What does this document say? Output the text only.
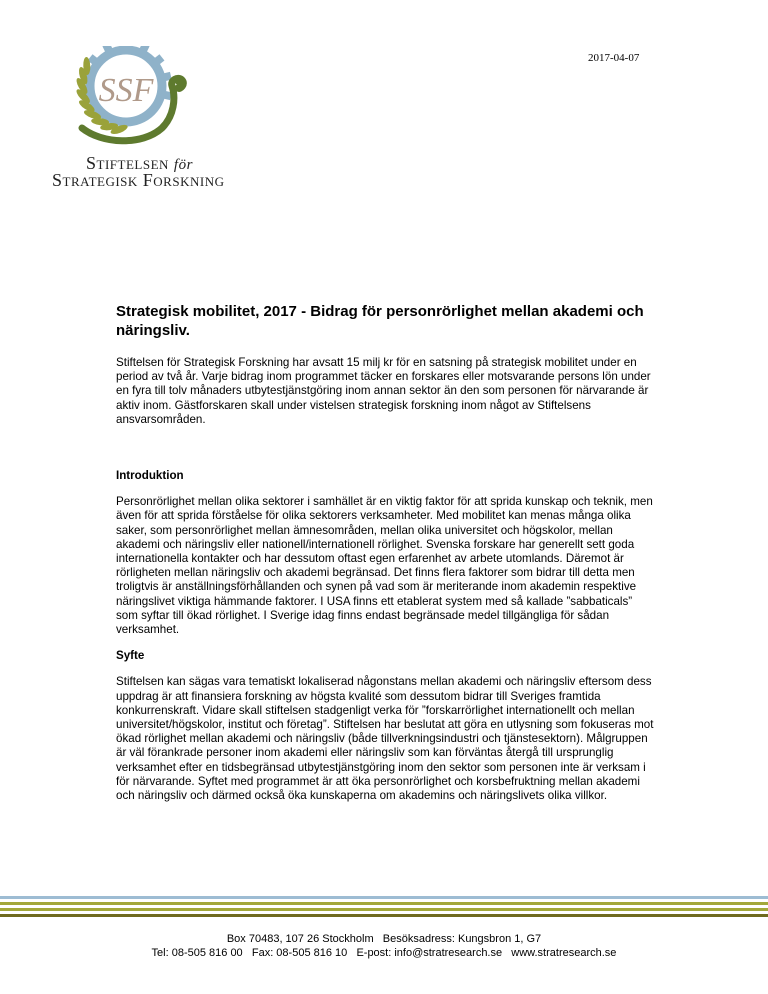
2017-04-07
SSF
Stiftelsen för
Strategisk Forskning
Strategisk mobilitet, 2017 - Bidrag för personrörlighet mellan akademi och näringsliv.

Stiftelsen för Strategisk Forskning har avsatt 15 milj kr för en satsning på strategisk mobilitet under en period av två år. Varje bidrag inom programmet täcker en forskares eller motsvarande persons lön under en fyra till tolv månaders utbytestjänstgöring inom annan sektor än den som personen för närvarande är aktiv inom. Gästforskaren skall under vistelsen strategisk forskning inom något av Stiftelsens ansvarsområden.

Introduktion

Personrörlighet mellan olika sektorer i samhället är en viktig faktor för att sprida kunskap och teknik, men även för att sprida förståelse för olika sektorers verksamheter. Med mobilitet kan menas många olika saker, som personrörlighet mellan ämnesområden, mellan olika universitet och högskolor, mellan akademi och näringsliv eller nationell/internationell rörlighet. Svenska forskare har generellt sett goda internationella kontakter och har dessutom oftast egen erfarenhet av arbete utomlands. Däremot är rörligheten mellan näringsliv och akademi begränsad. Det finns flera faktorer som bidrar till detta men troligtvis är anställningsförhållanden och synen på vad som är meriterande inom akademin respektive näringslivet viktiga hämmande faktorer. I USA finns ett etablerat system med så kallade ”sabbaticals” som syftar till ökad rörlighet. I Sverige idag finns endast begränsade medel tillgängliga för sådan verksamhet.

Syfte

Stiftelsen kan sägas vara tematiskt lokaliserad någonstans mellan akademi och näringsliv eftersom dess uppdrag är att finansiera forskning av högsta kvalité som dessutom bidrar till Sveriges framtida konkurrenskraft. Vidare skall stiftelsen stadgenligt verka för ”forskarrörlighet internationellt och mellan universitet/högskolor, institut och företag”. Stiftelsen har beslutat att göra en utlysning som fokuseras mot ökad rörlighet mellan akademi och näringsliv (både tillverkningsindustri och tjänstesektorn). Målgruppen är väl förankrade personer inom akademi eller näringsliv som kan förväntas återgå till ursprunglig verksamhet efter en tidsbegränsad utbytestjänstgöring inom den sektor som personen inte är verksam i för närvarande. Syftet med programmet är att öka personrörlighet och korsbefruktning mellan akademi och näringsliv och därmed också öka kunskaperna om akademins och näringslivets olika villkor.

Box 70483, 107 26 Stockholm Besöksadress: Kungsbron 1, G7
Tel: 08-505 816 00 Fax: 08-505 816 10 E-post: info@stratresearch.se www.stratresearch.se
